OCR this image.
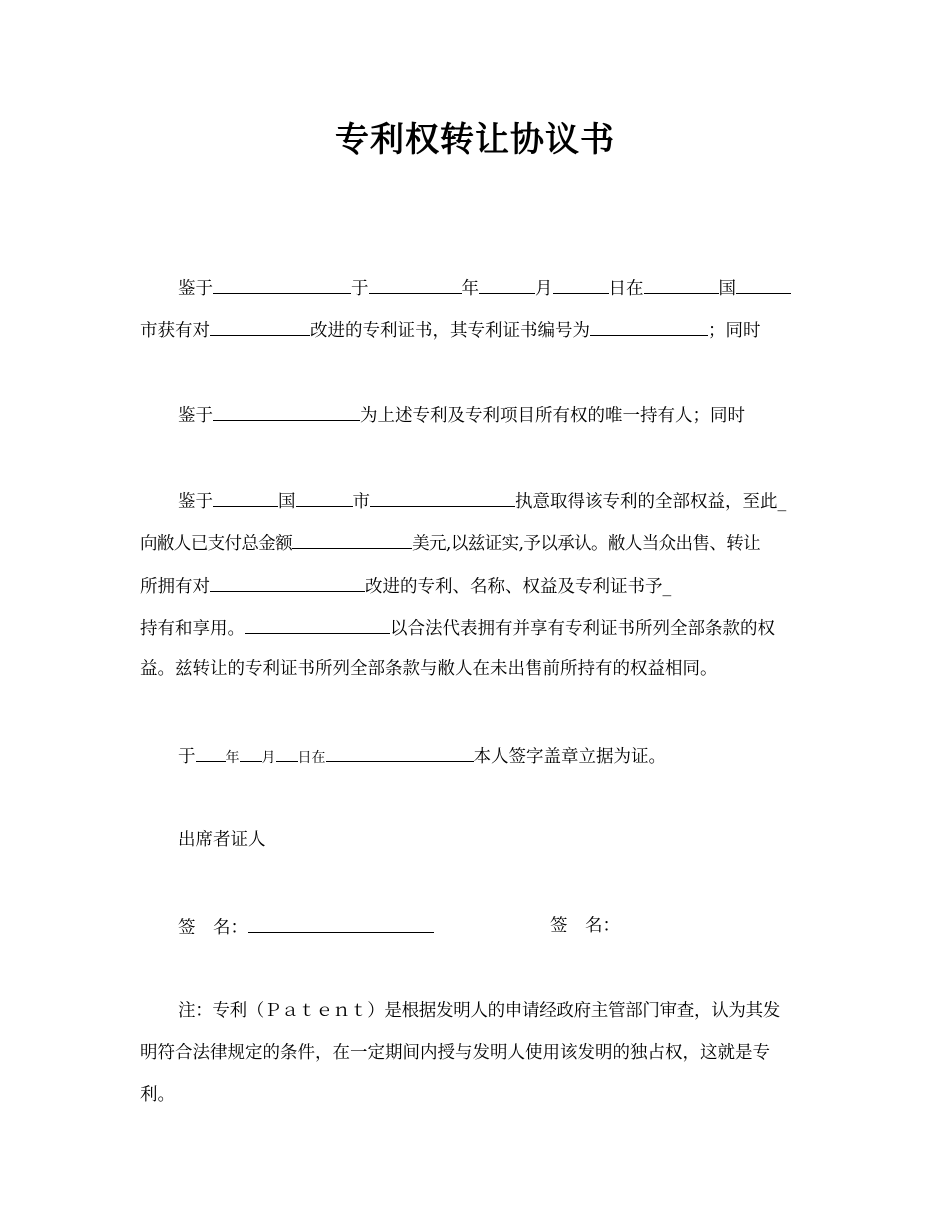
专利权转让协议书
鉴于	于	年	月	日在	国
市获有对	改进的专利证书，其专利证书编号为	；同时
鉴于	为上述专利及专利项目所有权的唯一持有人；同时
鉴于	国	市	执意取得该专利的全部权益，至此_
向敝人已支付总金额	美元,以兹证实,予以承认。敝人当众出售、转让
所拥有对	改进的专利、名称、权益及专利证书予_
持有和享用。	以合法代表拥有并享有专利证书所列全部条款的权
益。兹转让的专利证书所列全部条款与敝人在未出售前所持有的权益相同。
于 年 月 日在	本人签字盖章立据为证。
出席者证人
签　名：	签　名：
注：专利（Ｐａｔｅｎｔ）是根据发明人的申请经政府主管部门审查，认为其发
明符合法律规定的条件，在一定期间内授与发明人使用该发明的独占权，这就是专
利。
